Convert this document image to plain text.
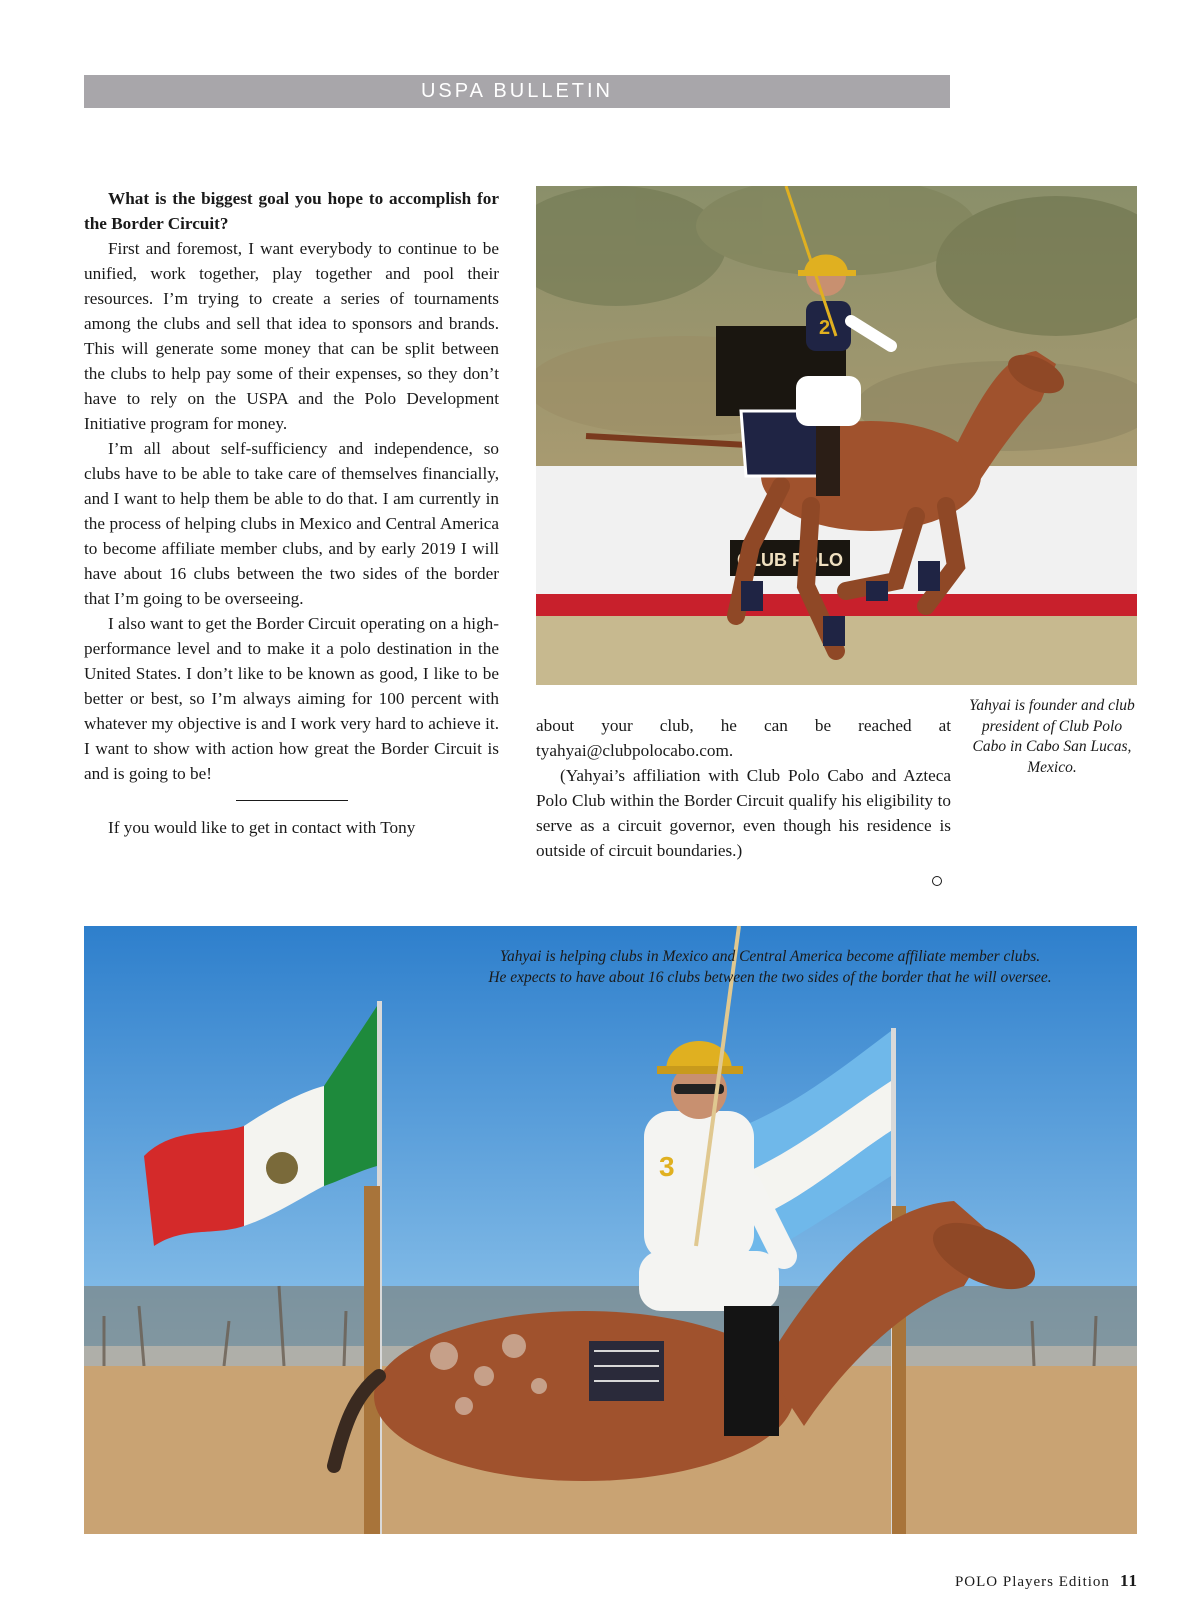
USPA BULLETIN

What is the biggest goal you hope to accomplish for the Border Circuit?

First and foremost, I want everybody to continue to be unified, work together, play together and pool their resources. I’m trying to create a series of tournaments among the clubs and sell that idea to sponsors and brands. This will generate some money that can be split between the clubs to help pay some of their expenses, so they don’t have to rely on the USPA and the Polo Development Initiative program for money.

I’m all about self-sufficiency and independence, so clubs have to be able to take care of themselves financially, and I want to help them be able to do that. I am currently in the process of helping clubs in Mexico and Central America to become affiliate member clubs, and by early 2019 I will have about 16 clubs between the two sides of the border that I’m going to be overseeing.

I also want to get the Border Circuit operating on a high-performance level and to make it a polo destination in the United States. I don’t like to be known as good, I like to be better or best, so I’m always aiming for 100 percent with whatever my objective is and I work very hard to achieve it. I want to show with action how great the Border Circuit is and is going to be!

If you would like to get in contact with Tony

CLUB POLO
2
Yahyai is founder and club president of Club Polo Cabo in Cabo San Lucas, Mexico.

about your club, he can be reached at tyahyai@clubpolocabo.com.

(Yahyai’s affiliation with Club Polo Cabo and Azteca Polo Club within the Border Circuit qualify his eligibility to serve as a circuit governor, even though his residence is outside of circuit boundaries.)

3
Yahyai is helping clubs in Mexico and Central America become affiliate member clubs.
He expects to have about 16 clubs between the two sides of the border that he will oversee.
POLO Players Edition 11
